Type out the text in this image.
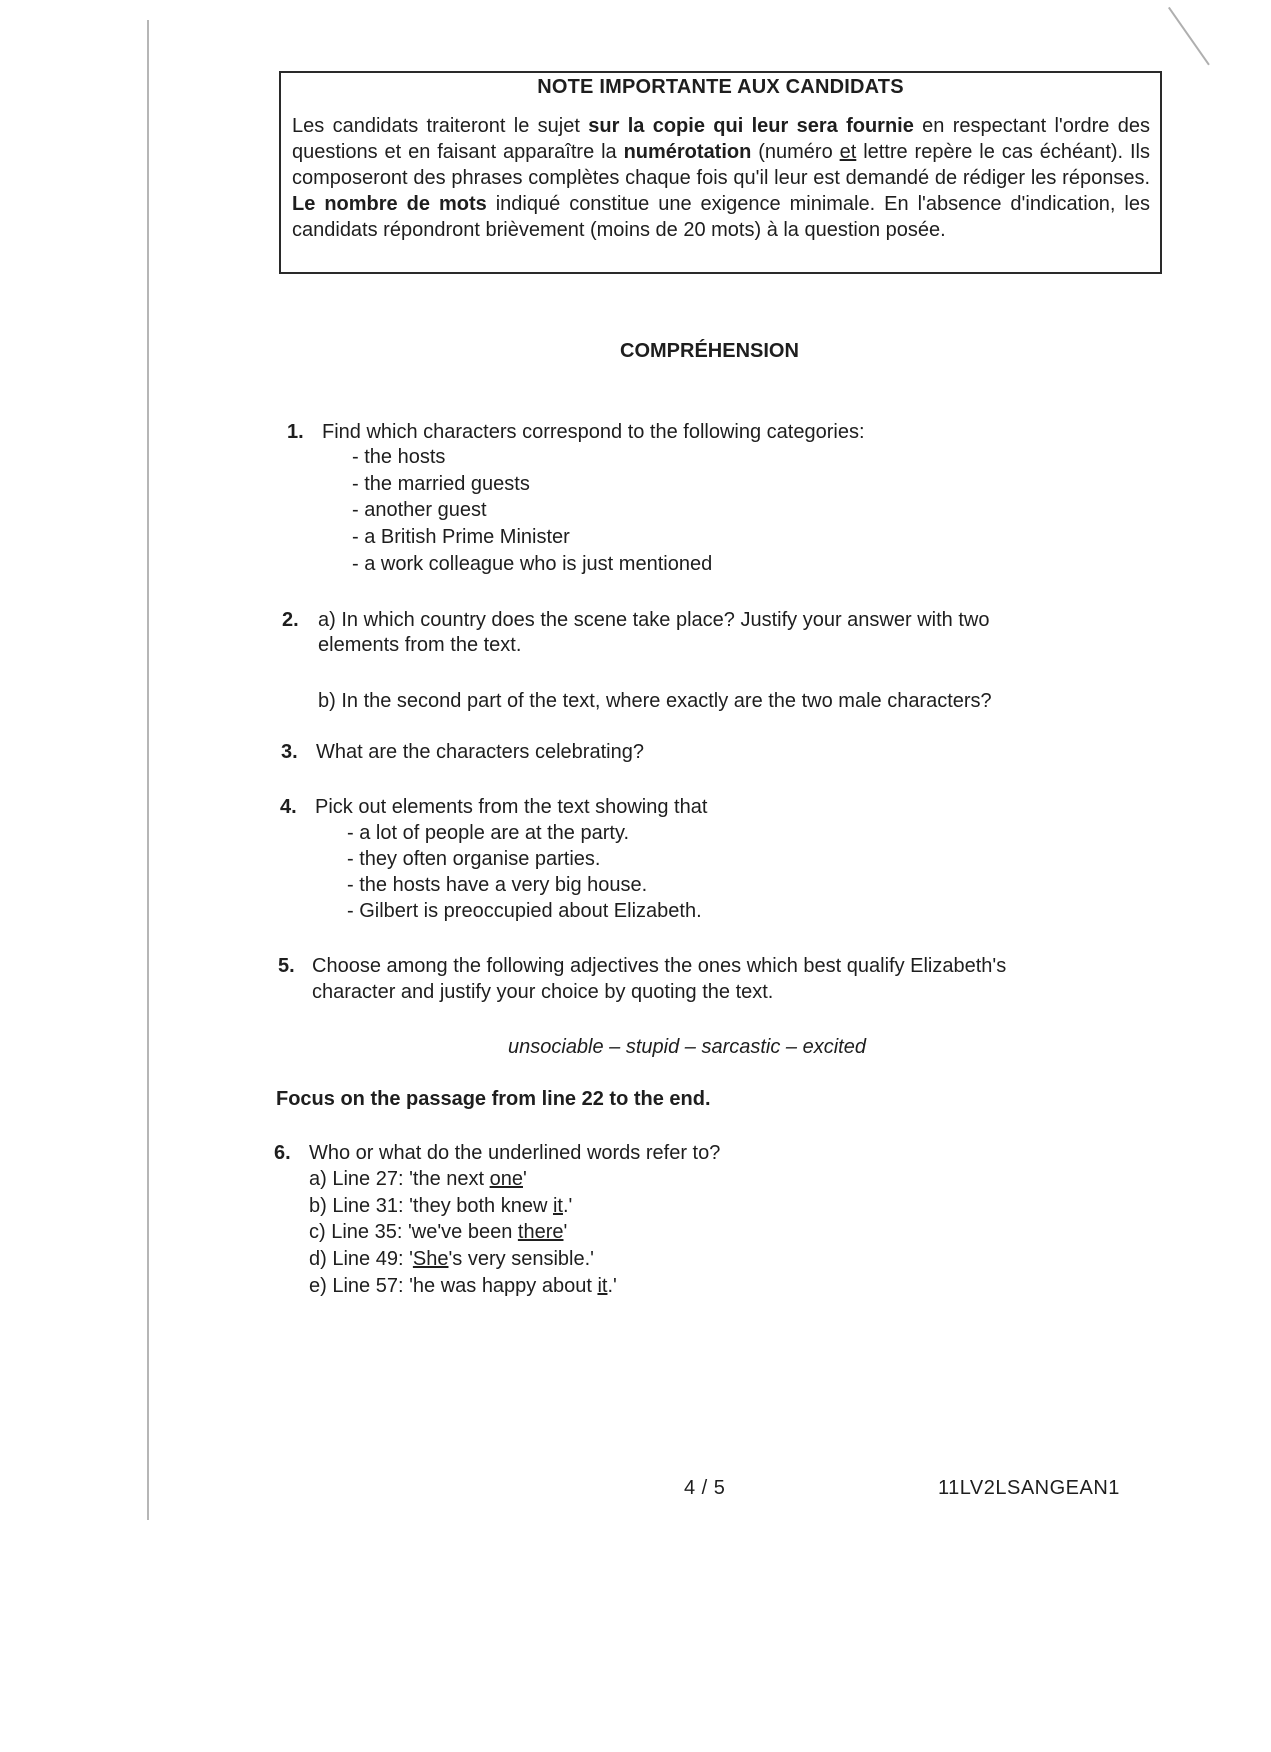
NOTE IMPORTANTE AUX CANDIDATS
Les candidats traiteront le sujet sur la copie qui leur sera fournie en respectant l'ordre des questions et en faisant apparaître la numérotation (numéro et lettre repère le cas échéant). Ils composeront des phrases complètes chaque fois qu'il leur est demandé de rédiger les réponses. Le nombre de mots indiqué constitue une exigence minimale. En l'absence d'indication, les candidats répondront brièvement (moins de 20 mots) à la question posée.
COMPRÉHENSION
1. Find which characters correspond to the following categories:
- the hosts
- the married guests
- another guest
- a British Prime Minister
- a work colleague who is just mentioned
2. a) In which country does the scene take place? Justify your answer with two
elements from the text.
b) In the second part of the text, where exactly are the two male characters?
3. What are the characters celebrating?
4. Pick out elements from the text showing that
- a lot of people are at the party.
- they often organise parties.
- the hosts have a very big house.
- Gilbert is preoccupied about Elizabeth.
5. Choose among the following adjectives the ones which best qualify Elizabeth's
character and justify your choice by quoting the text.
unsociable – stupid – sarcastic – excited
Focus on the passage from line 22 to the end.
6. Who or what do the underlined words refer to?
a) Line 27: 'the next one'
b) Line 31: 'they both knew it.'
c) Line 35: 'we've been there'
d) Line 49: 'She's very sensible.'
e) Line 57: 'he was happy about it.'
4 / 5	11LV2LSANGEAN1
